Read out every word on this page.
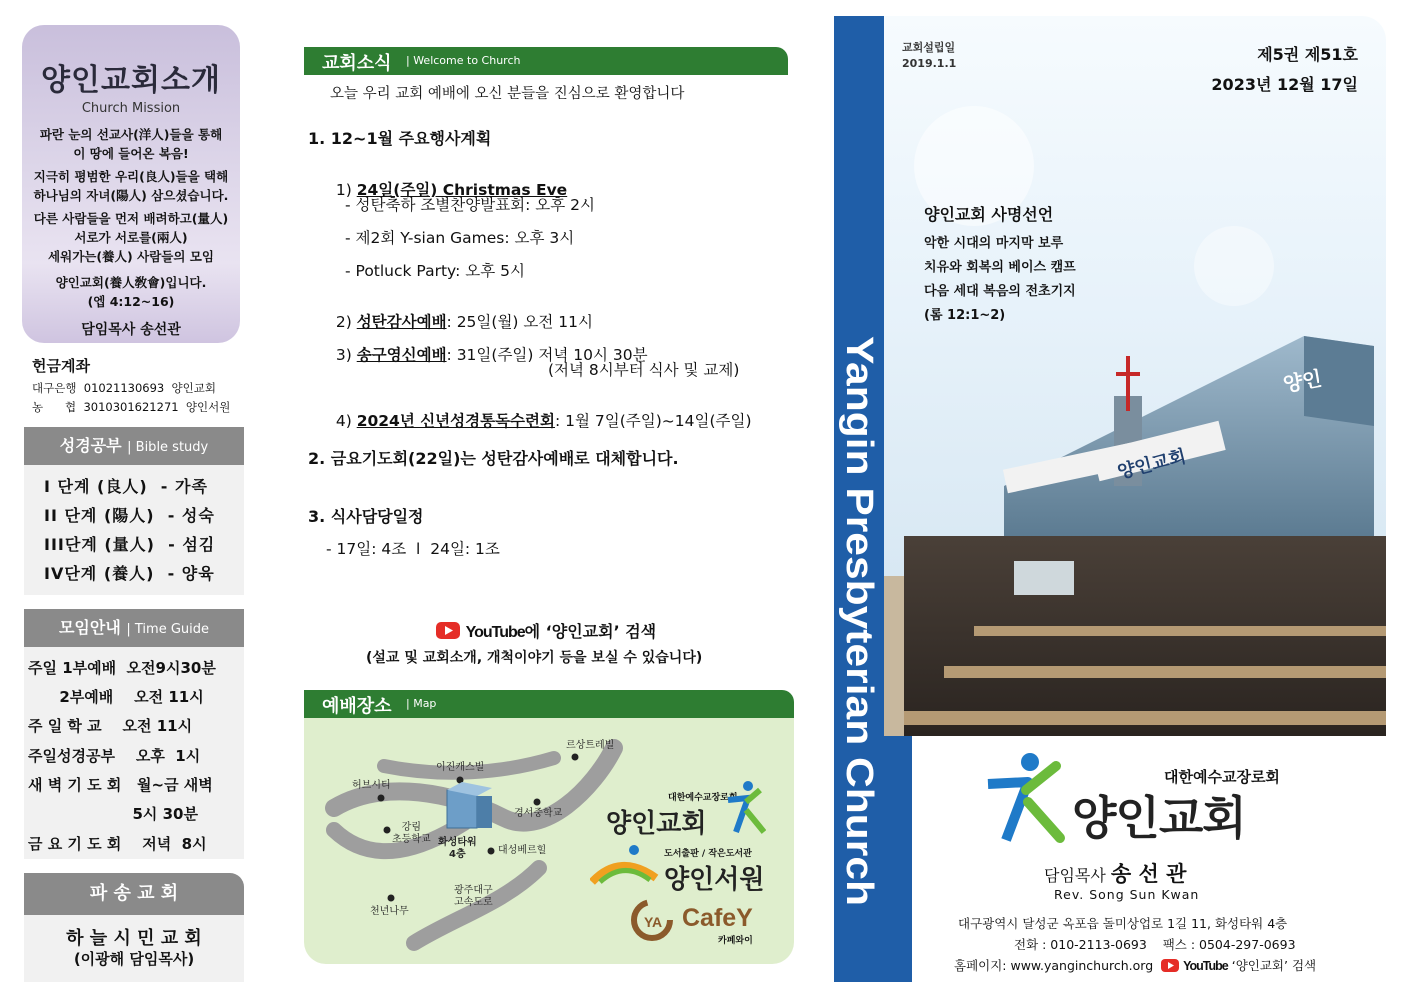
양인교회소개
Church Mission
파란 눈의 선교사(洋人)들을 통해
이 땅에 들어온 복음!
지극히 평범한 우리(良人)들을 택해
하나님의 자녀(陽人) 삼으셨습니다.
다른 사람들을 먼저 배려하고(量人)
서로가 서로를(兩人)
세워가는(養人) 사람들의 모임
양인교회(養人敎會)입니다.
(엡 4:12~16)
담임목사 송선관
헌금계좌
대구은행  01021130693  양인교회
농      협  3010301621271  양인서원
성경공부 | Bible study
I 단계 (良人)  - 가족
II 단계 (陽人)  - 성숙
III단계 (量人)  - 섬김
IV단계 (養人)  - 양육
모임안내 | Time Guide
주일 1부예배  오전9시30분
2부예배    오전 11시
주 일 학 교    오전 11시
주일성경공부    오후  1시
새 벽 기 도 회   월~금 새벽
5시 30분
금 요 기 도 회    저녁  8시
파 송 교 회
하 늘 시 민 교 회
(이광해 담임목사)
교회소식 | Welcome to Church
오늘 우리 교회 예배에 오신 분들을 진심으로 환영합니다
1. 12~1월 주요행사계획

1) 24일(주일) Christmas Eve

- 성탄축하 조별찬양발표회: 오후 2시
- 제2회 Y-sian Games: 오후 3시
- Potluck Party: 오후 5시

2) 성탄감사예배: 25일(월) 오전 11시

3) 송구영신예배: 31일(주일) 저녁 10시 30분

(저녁 8시부터 식사 및 교제)

4) 2024년 신년성경통독수련회: 1월 7일(주일)~14일(주일)

2. 금요기도회(22일)는 성탄감사예배로 대체합니다.
3. 식사담당일정
- 17일: 4조  l  24일: 1조
YouTube에 ‘양인교회’ 검색
(설교 및 교회소개, 개척이야기 등을 보실 수 있습니다)
예배장소 | Map
허브시티
이진캐스빌
르상트레빌
경서중학교
강림
초등학교 화성타워
4층	대성베르힐
광주대구
고속도로
천년나무
대한예수교장로회
양인교회
도서출판 / 작은도서관
양인서원
YA CafeY
카페와이
Yangin Presbyterian Church	양인교회
양인
교회설립일
2019.1.1	제5권 제51호
2023년 12월 17일
양인교회 사명선언
악한 시대의 마지막 보루
치유와 회복의 베이스 캠프
다음 세대 복음의 전초기지
(롬 12:1~2)
대한예수교장로회
양인교회
담임목사 송 선 관
Rev. Song Sun Kwan
대구광역시 달성군 옥포읍 돌미상업로 1길 11, 화성타워 4층
전화 : 010-2113-0693    팩스 : 0504-297-0693
홈페이지: www.yanginchurch.org YouTube ‘양인교회’ 검색
